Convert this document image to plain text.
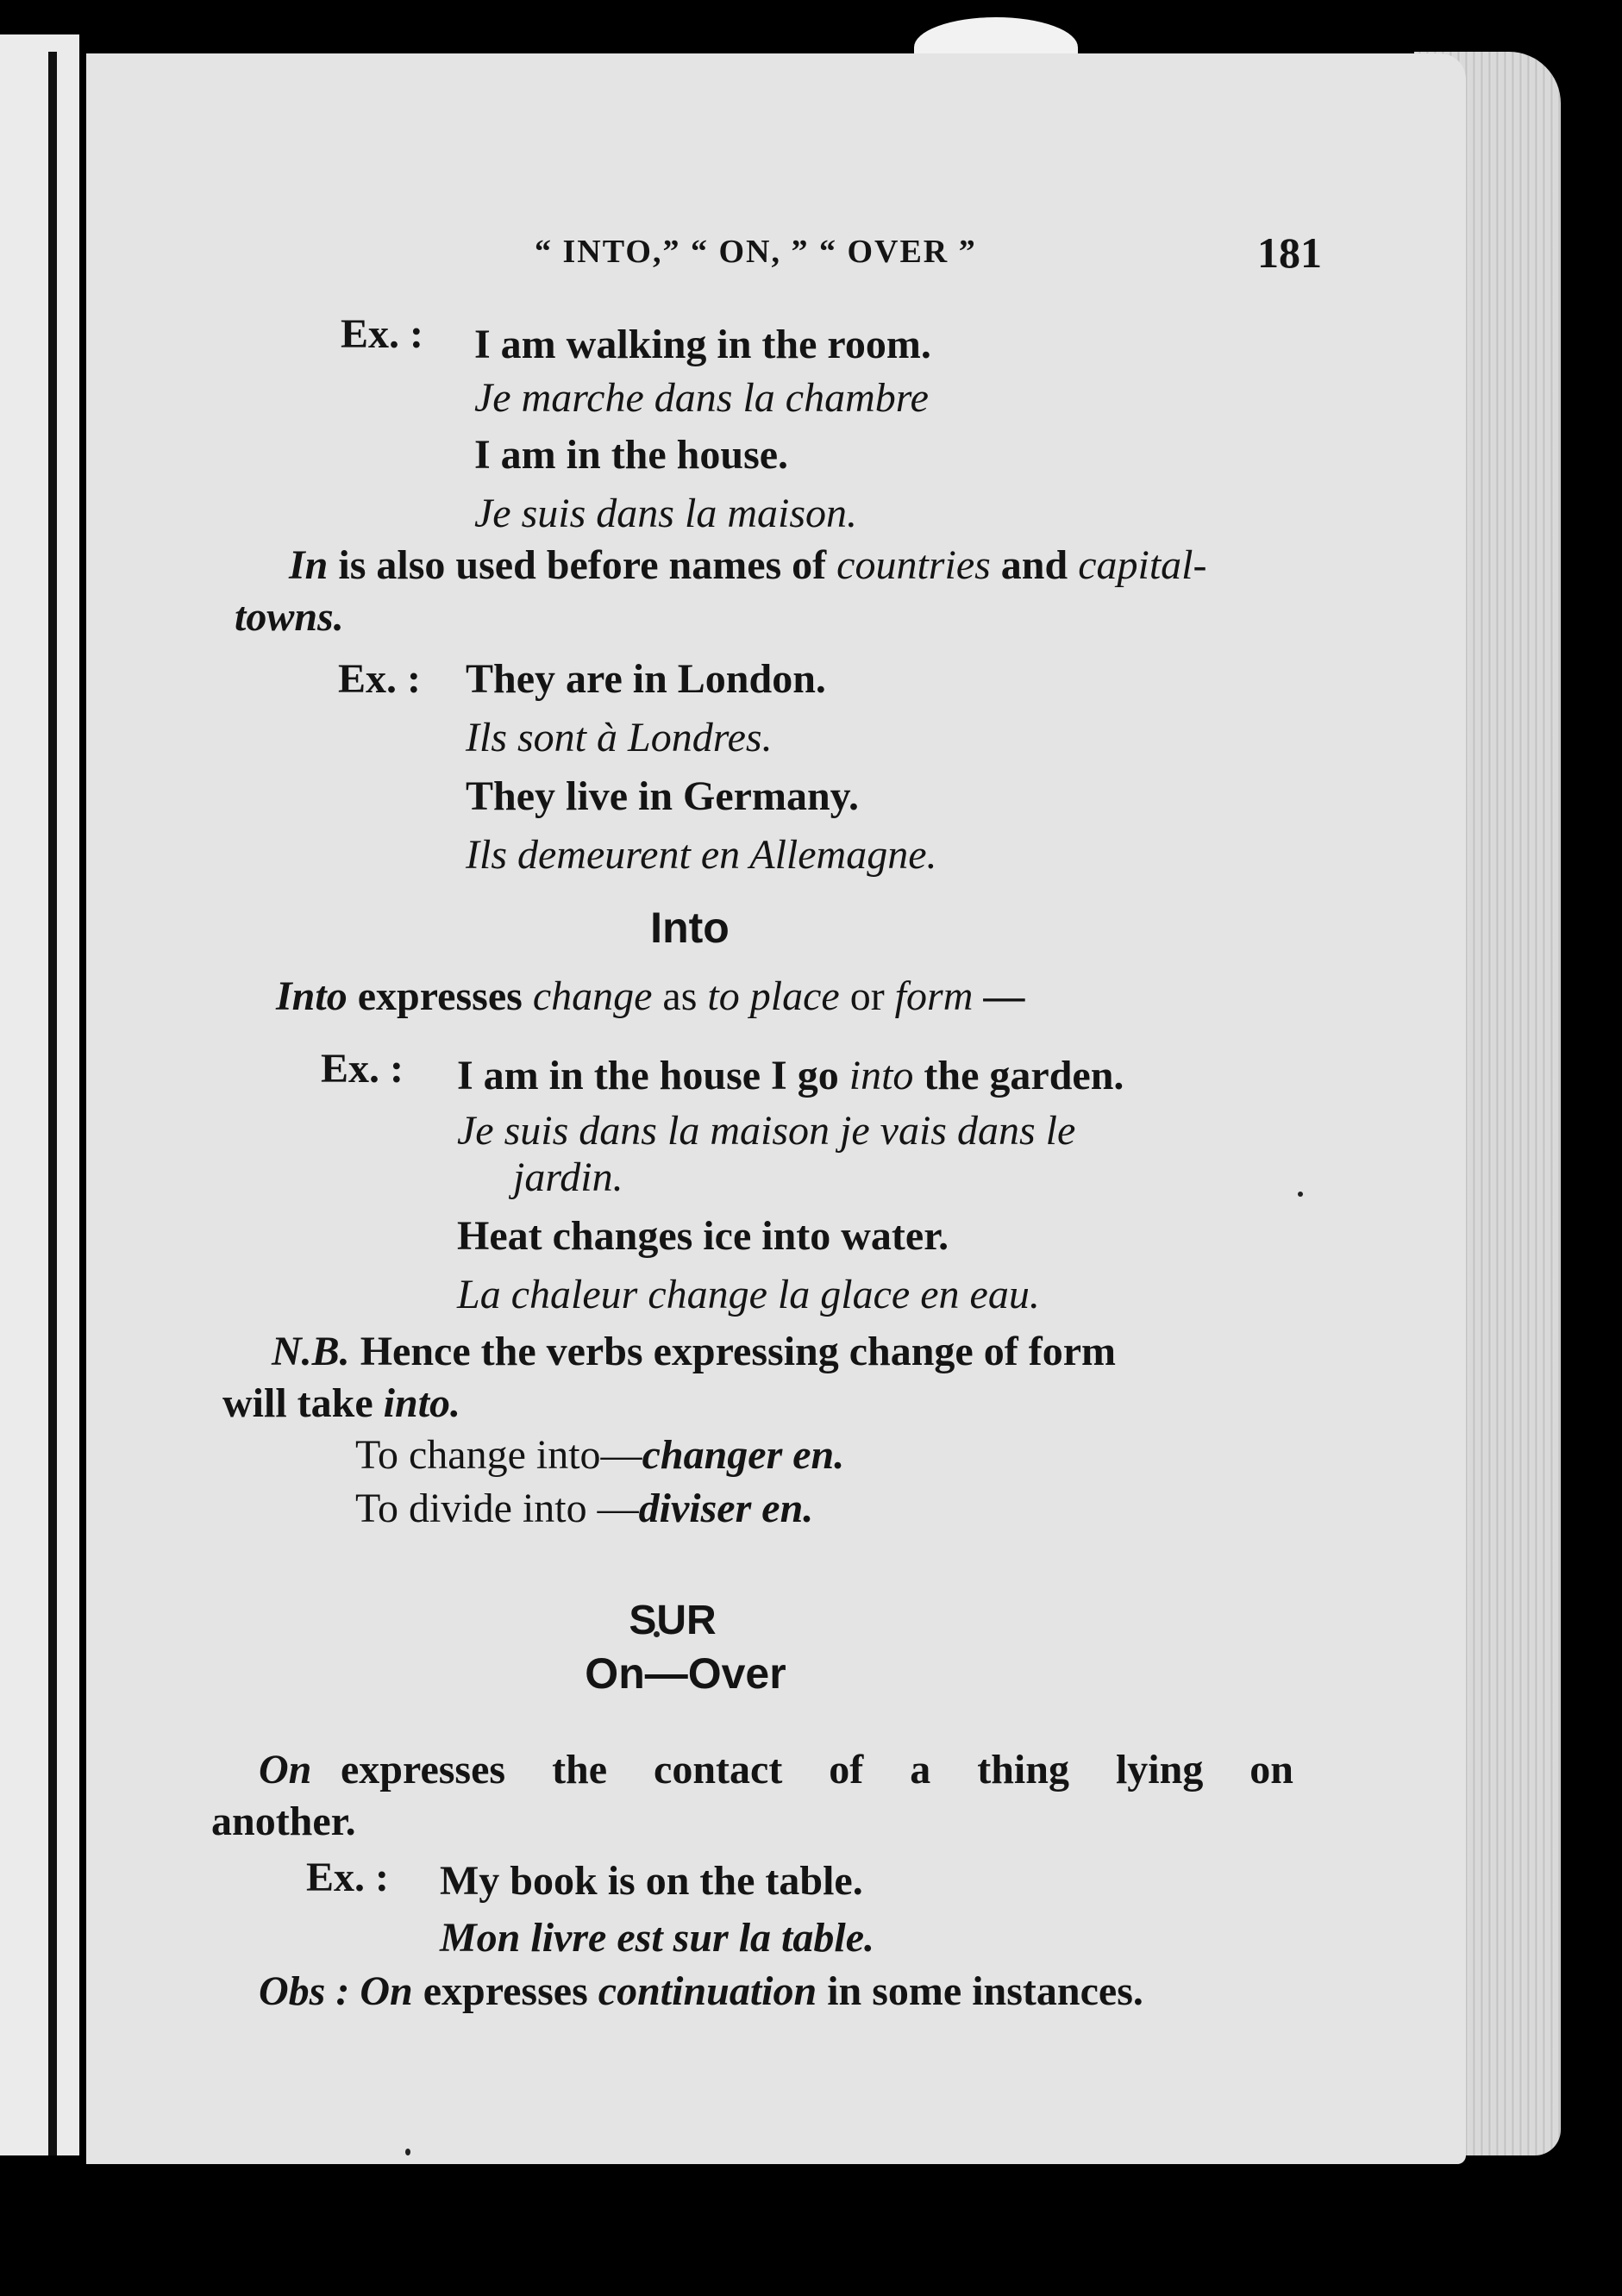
“ INTO,” “ ON, ” “ OVER ”	181
Ex. : I am walking in the room.
Je marche dans la chambre
I am in the house.
Je suis dans la maison.
In is also used before names of countries and capital-
towns.
Ex. : They are in London.
Ils sont à Londres.
They live in Germany.
Ils demeurent en Allemagne.
Into
Into expresses change as to place or form —
Ex. : I am in the house I go into the garden.
Je suis dans la maison je vais dans le
jardin.
Heat changes ice into water.
La chaleur change la glace en eau.
N.B. Hence the verbs expressing change of form
will take into.
To change into—changer en.
To divide into —diviser en.
SUR
On—Over
On expresses the contact of a thing lying on
another.
Ex. : My book is on the table.
Mon livre est sur la table.
Obs : On expresses continuation in some instances.
